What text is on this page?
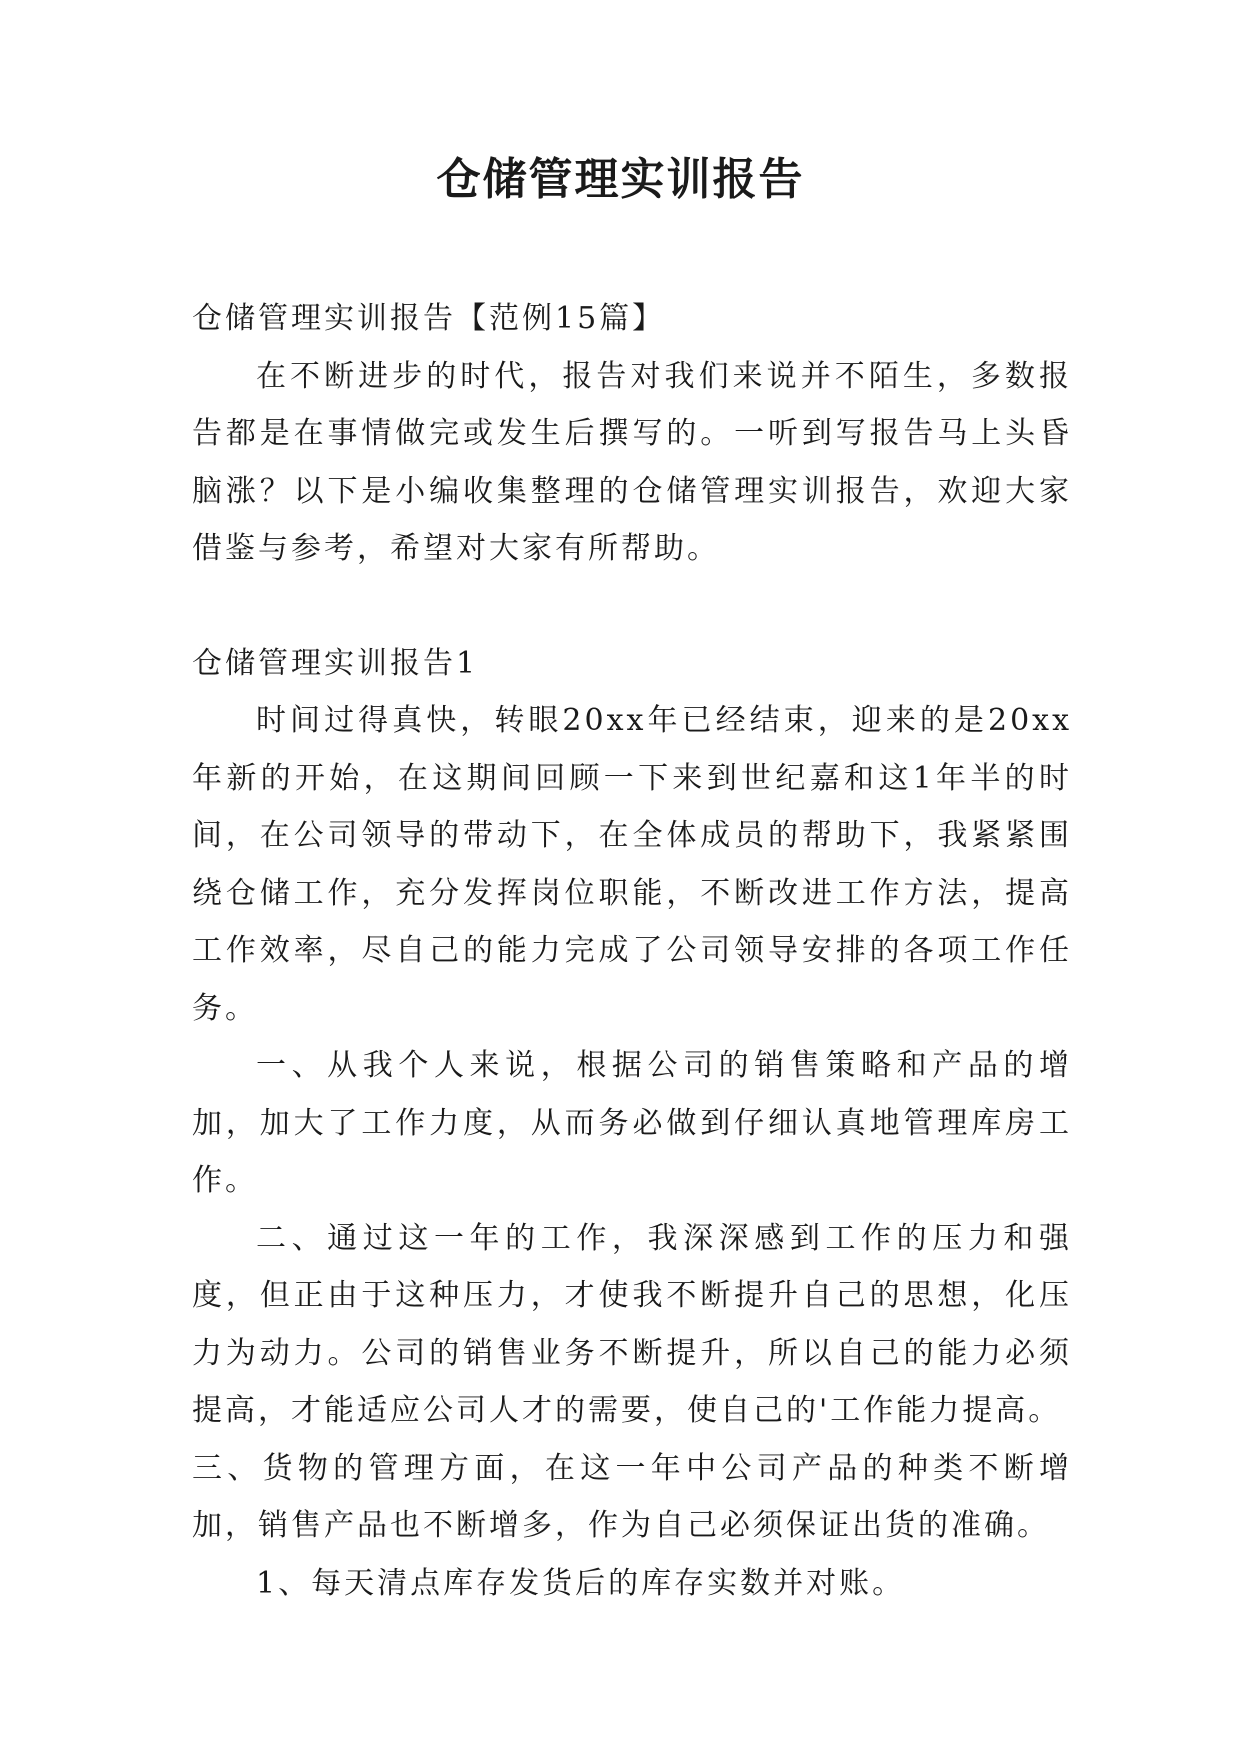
仓储管理实训报告

仓储管理实训报告【范例15篇】

在不断进步的时代，报告对我们来说并不陌生，多数报告都是在事情做完或发生后撰写的。一听到写报告马上头昏脑涨？以下是小编收集整理的仓储管理实训报告，欢迎大家借鉴与参考，希望对大家有所帮助。

仓储管理实训报告1

时间过得真快，转眼20xx年已经结束，迎来的是20xx年新的开始，在这期间回顾一下来到世纪嘉和这1年半的时间，在公司领导的带动下，在全体成员的帮助下，我紧紧围绕仓储工作，充分发挥岗位职能，不断改进工作方法，提高工作效率，尽自己的能力完成了公司领导安排的各项工作任务。

一、从我个人来说，根据公司的销售策略和产品的增加，加大了工作力度，从而务必做到仔细认真地管理库房工作。

二、通过这一年的工作，我深深感到工作的压力和强度，但正由于这种压力，才使我不断提升自己的思想，化压力为动力。公司的销售业务不断提升，所以自己的能力必须提高，才能适应公司人才的需要，使自己的'工作能力提高。

三、货物的管理方面，在这一年中公司产品的种类不断增加，销售产品也不断增多，作为自己必须保证出货的准确。

1、每天清点库存发货后的库存实数并对账。
